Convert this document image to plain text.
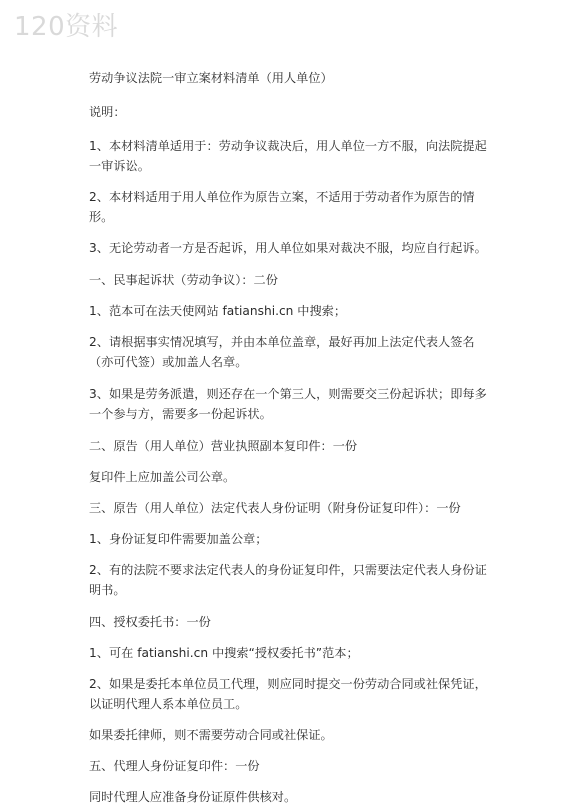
120资料

劳动争议法院一审立案材料清单（用人单位）

说明：

1、本材料清单适用于：劳动争议裁决后，用人单位一方不服，向法院提起一审诉讼。

2、本材料适用于用人单位作为原告立案，不适用于劳动者作为原告的情形。

3、无论劳动者一方是否起诉，用人单位如果对裁决不服，均应自行起诉。

一、民事起诉状（劳动争议）：二份

1、范本可在法天使网站 fatianshi.cn 中搜索；

2、请根据事实情况填写，并由本单位盖章，最好再加上法定代表人签名（亦可代签）或加盖人名章。

3、如果是劳务派遣，则还存在一个第三人，则需要交三份起诉状；即每多一个参与方，需要多一份起诉状。

二、原告（用人单位）营业执照副本复印件：一份

复印件上应加盖公司公章。

三、原告（用人单位）法定代表人身份证明（附身份证复印件）：一份

1、身份证复印件需要加盖公章；

2、有的法院不要求法定代表人的身份证复印件，只需要法定代表人身份证明书。

四、授权委托书：一份

1、可在 fatianshi.cn 中搜索“授权委托书”范本；

2、如果是委托本单位员工代理，则应同时提交一份劳动合同或社保凭证，以证明代理人系本单位员工。

如果委托律师，则不需要劳动合同或社保证。

五、代理人身份证复印件：一份

同时代理人应准备身份证原件供核对。
